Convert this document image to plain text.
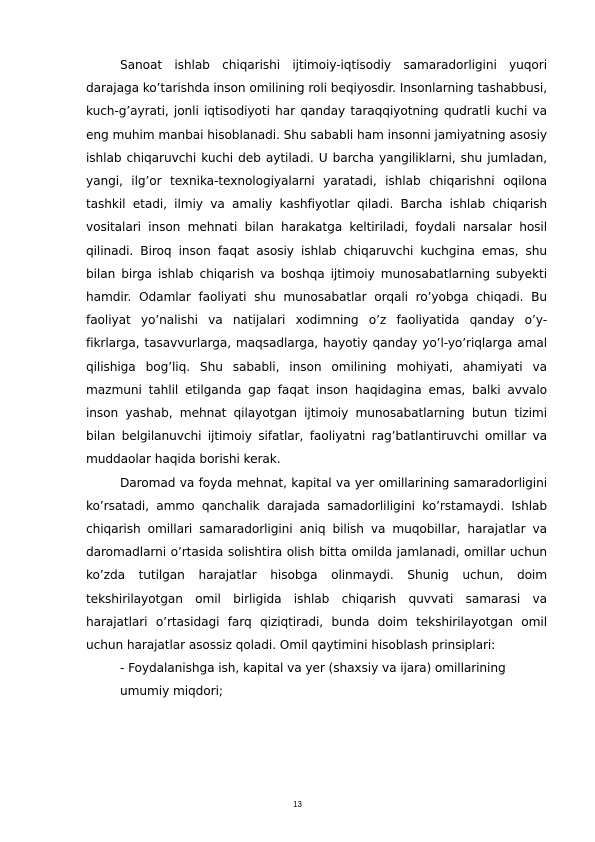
Sanoat ishlab chiqarishi ijtimoiy-iqtisodiy samaradorligini yuqori darajaga ko’tarishda inson omilining roli beqiyosdir. Insonlarning tashabbusi, kuch-g’ayrati, jonli iqtisodiyoti har qanday taraqqiyotning qudratli kuchi va eng muhim manbai hisoblanadi. Shu sababli ham insonni jamiyatning asosiy ishlab chiqaruvchi kuchi deb aytiladi. U barcha yangiliklarni, shu jumladan, yangi, ilg’or texnika-texnologiyalarni yaratadi, ishlab chiqarishni oqilona tashkil etadi, ilmiy va amaliy kashfiyotlar qiladi. Barcha ishlab chiqarish vositalari inson mehnati bilan harakatga keltiriladi, foydali narsalar hosil qilinadi. Biroq inson faqat asosiy ishlab chiqaruvchi kuchgina emas, shu bilan birga ishlab chiqarish va boshqa ijtimoiy munosabatlarning subyekti hamdir. Odamlar faoliyati shu munosabatlar orqali ro’yobga chiqadi. Bu faoliyat yo’nalishi va natijalari xodimning o’z faoliyatida qanday o’y-fikrlarga, tasavvurlarga, maqsadlarga, hayotiy qanday yo’l-yo’riqlarga amal qilishiga bog’liq. Shu sababli, inson omilining mohiyati, ahamiyati va mazmuni tahlil etilganda gap faqat inson haqidagina emas, balki avvalo inson yashab, mehnat qilayotgan ijtimoiy munosabatlarning butun tizimi bilan belgilanuvchi ijtimoiy sifatlar, faoliyatni rag’batlantiruvchi omillar va muddaolar haqida borishi kerak.

Daromad va foyda mehnat, kapital va yer omillarining samaradorligini ko’rsatadi, ammo qanchalik darajada samadorliligini ko’rstamaydi. Ishlab chiqarish omillari samaradorligini aniq bilish va muqobillar, harajatlar va daromadlarni o’rtasida solishtira olish bitta omilda jamlanadi, omillar uchun ko’zda tutilgan harajatlar hisobga olinmaydi. Shunig uchun, doim tekshirilayotgan omil birligida ishlab chiqarish quvvati samarasi va harajatlari o’rtasidagi farq qiziqtiradi, bunda doim tekshirilayotgan omil uchun harajatlar asossiz qoladi. Omil qaytimini hisoblash prinsiplari:

- Foydalanishga ish, kapital va yer (shaxsiy va ijara) omillarining

umumiy miqdori;

13
